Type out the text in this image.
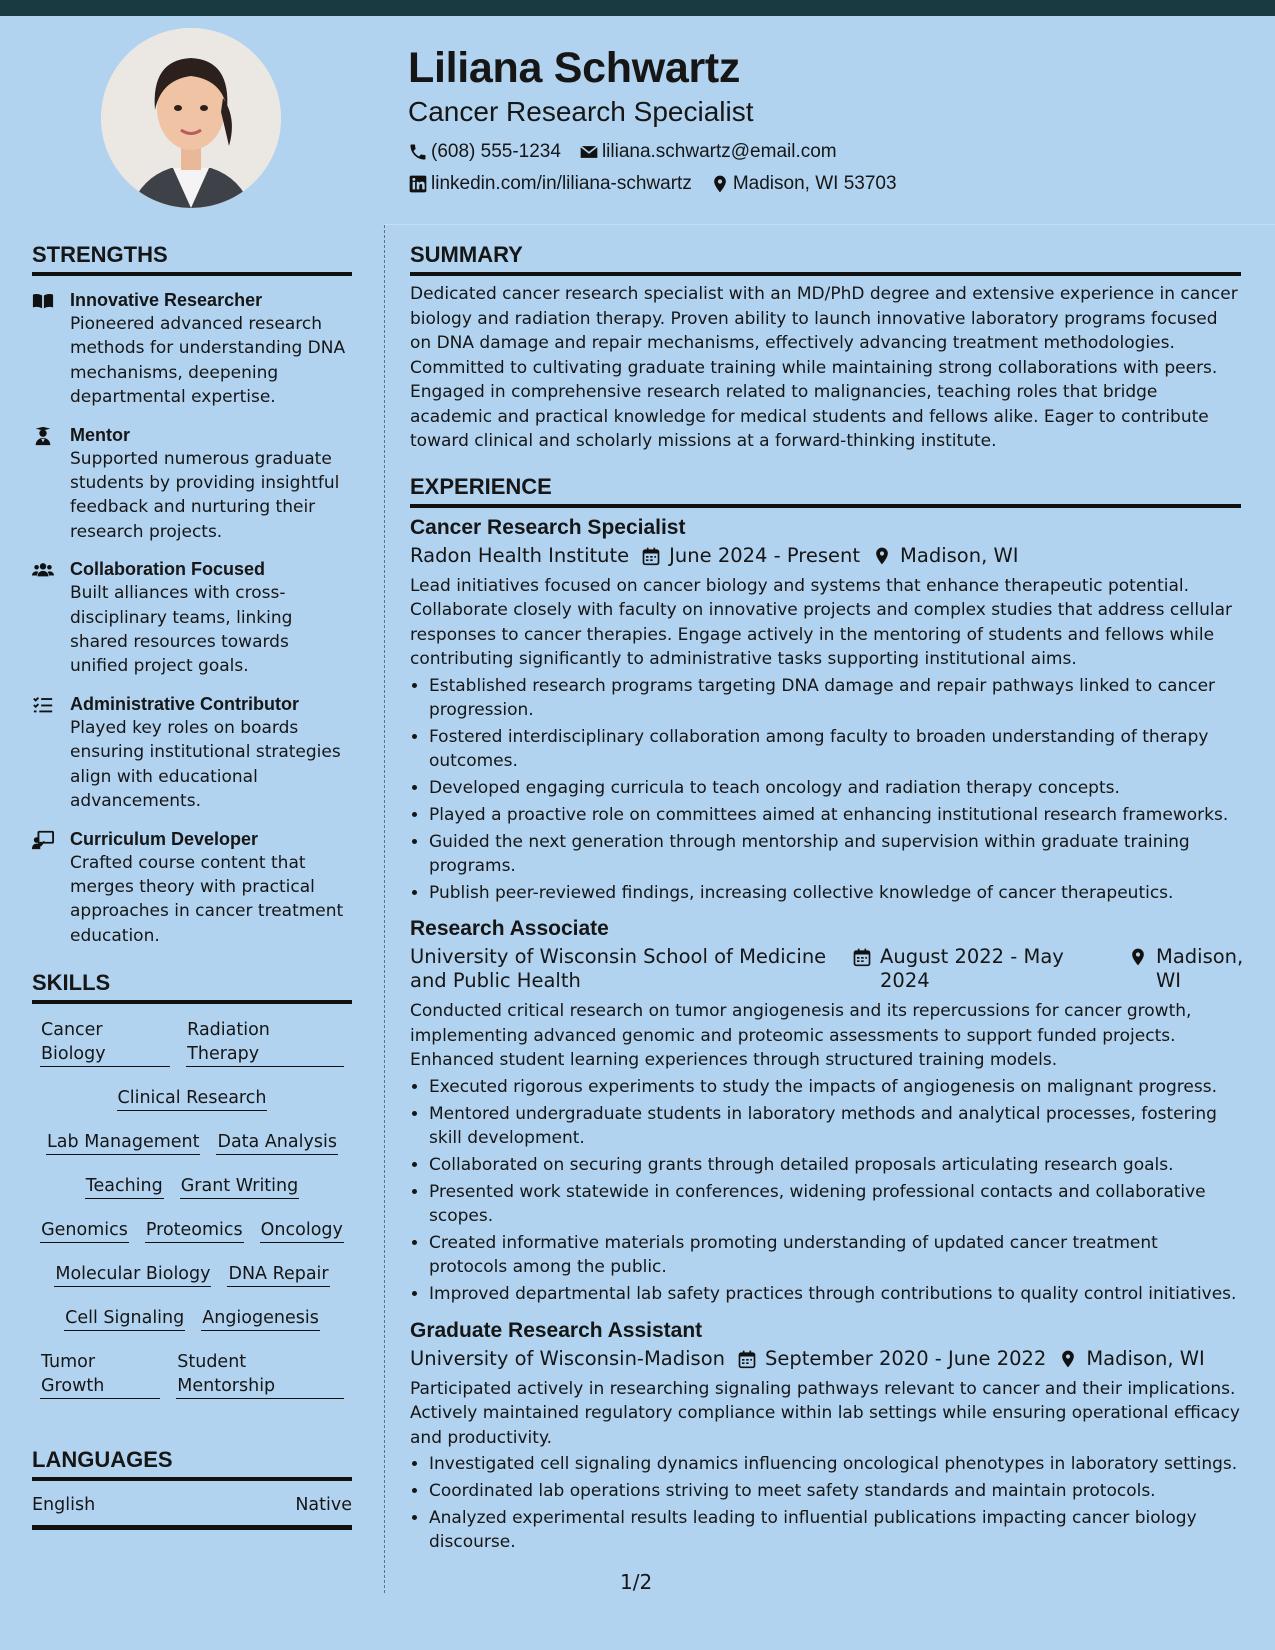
Liliana Schwartz
Cancer Research Specialist
(608) 555-1234 liliana.schwartz@email.com
linkedin.com/in/liliana-schwartz Madison, WI 53703
STRENGTHS
Innovative Researcher
Pioneered advanced research methods for understanding DNA mechanisms, deepening departmental expertise.
Mentor
Supported numerous graduate students by providing insightful feedback and nurturing their research projects.
Collaboration Focused
Built alliances with cross-disciplinary teams, linking shared resources towards unified project goals.
Administrative Contributor
Played key roles on boards ensuring institutional strategies align with educational advancements.
Curriculum Developer
Crafted course content that merges theory with practical approaches in cancer treatment education.
SKILLS
Cancer Biology
Radiation Therapy
Clinical Research
Lab Management Data Analysis
Teaching Grant Writing
Genomics Proteomics Oncology
Molecular Biology DNA Repair
Cell Signaling Angiogenesis
Tumor Growth
Student Mentorship
LANGUAGES
English	Native
SUMMARY

Dedicated cancer research specialist with an MD/PhD degree and extensive experience in cancer biology and radiation therapy. Proven ability to launch innovative laboratory programs focused on DNA damage and repair mechanisms, effectively advancing treatment methodologies. Committed to cultivating graduate training while maintaining strong collaborations with peers. Engaged in comprehensive research related to malignancies, teaching roles that bridge academic and practical knowledge for medical students and fellows alike. Eager to contribute toward clinical and scholarly missions at a forward-thinking institute.

EXPERIENCE
Cancer Research Specialist
Radon Health Institute June 2024 - Present Madison, WI

Lead initiatives focused on cancer biology and systems that enhance therapeutic potential. Collaborate closely with faculty on innovative projects and complex studies that address cellular responses to cancer therapies. Engage actively in the mentoring of students and fellows while contributing significantly to administrative tasks supporting institutional aims.

• Established research programs targeting DNA damage and repair pathways linked to cancer progression.
• Fostered interdisciplinary collaboration among faculty to broaden understanding of therapy outcomes.
• Developed engaging curricula to teach oncology and radiation therapy concepts.
• Played a proactive role on committees aimed at enhancing institutional research frameworks.
• Guided the next generation through mentorship and supervision within graduate training programs.
• Publish peer-reviewed findings, increasing collective knowledge of cancer therapeutics.
Research Associate
University of Wisconsin School of Medicine and Public Health
August 2022 - May 2024
Madison, WI

Conducted critical research on tumor angiogenesis and its repercussions for cancer growth, implementing advanced genomic and proteomic assessments to support funded projects. Enhanced student learning experiences through structured training models.

• Executed rigorous experiments to study the impacts of angiogenesis on malignant progress.
• Mentored undergraduate students in laboratory methods and analytical processes, fostering skill development.
• Collaborated on securing grants through detailed proposals articulating research goals.
• Presented work statewide in conferences, widening professional contacts and collaborative scopes.
• Created informative materials promoting understanding of updated cancer treatment protocols among the public.
• Improved departmental lab safety practices through contributions to quality control initiatives.
Graduate Research Assistant
University of Wisconsin-Madison September 2020 - June 2022 Madison, WI

Participated actively in researching signaling pathways relevant to cancer and their implications. Actively maintained regulatory compliance within lab settings while ensuring operational efficacy and productivity.

• Investigated cell signaling dynamics influencing oncological phenotypes in laboratory settings.
• Coordinated lab operations striving to meet safety standards and maintain protocols.
• Analyzed experimental results leading to influential publications impacting cancer biology discourse.
1/2
